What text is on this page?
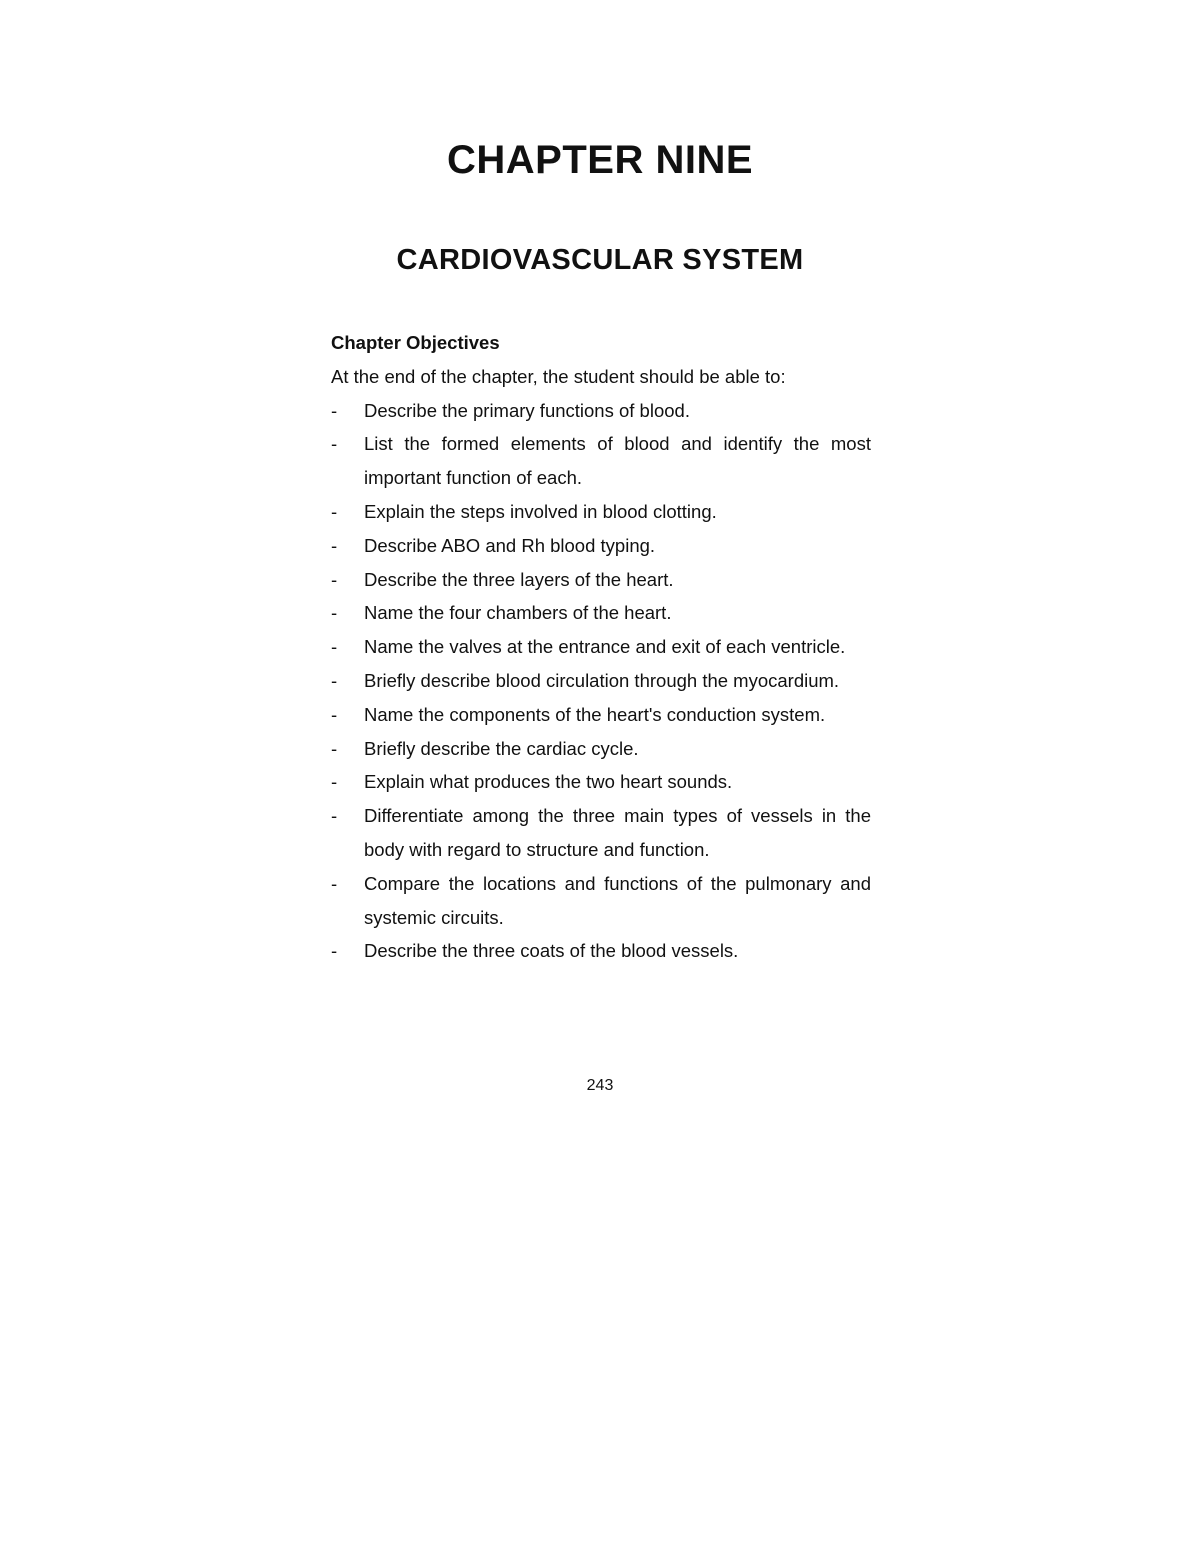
CHAPTER NINE
CARDIOVASCULAR SYSTEM

Chapter Objectives

At the end of the chapter, the student should be able to:

- Describe the primary functions of blood.
- List the formed elements of blood and identify the most important function of each.
- Explain the steps involved in blood clotting.
- Describe ABO and Rh blood typing.
- Describe the three layers of the heart.
- Name the four chambers of the heart.
- Name the valves at the entrance and exit of each ventricle.
- Briefly describe blood circulation through the myocardium.
- Name the components of the heart's conduction system.
- Briefly describe the cardiac cycle.
- Explain what produces the two heart sounds.
- Differentiate among the three main types of vessels in the body with regard to structure and function.
- Compare the locations and functions of the pulmonary and systemic circuits.
- Describe the three coats of the blood vessels.

243
